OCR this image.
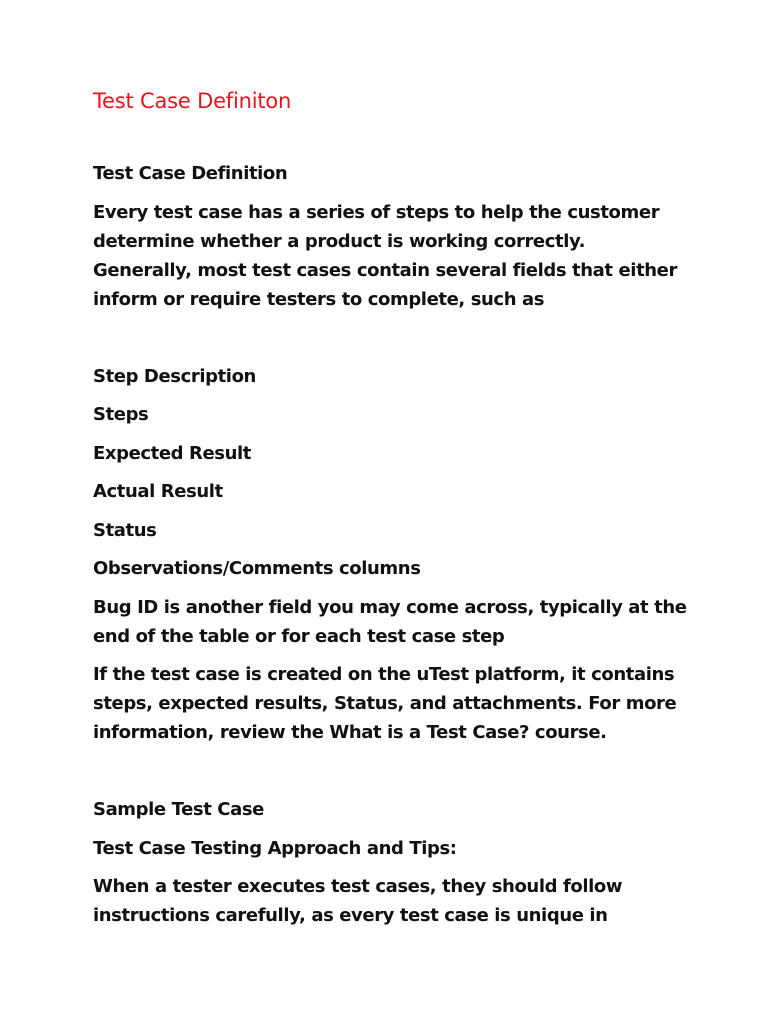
Test Case Definiton
Test Case Definition
Every test case has a series of steps to help the customer
determine whether a product is working correctly.
Generally, most test cases contain several fields that either
inform or require testers to complete, such as
Step Description
Steps
Expected Result
Actual Result
Status
Observations/Comments columns
Bug ID is another field you may come across, typically at the
end of the table or for each test case step
If the test case is created on the uTest platform, it contains
steps, expected results, Status, and attachments. For more
information, review the What is a Test Case? course.
Sample Test Case
Test Case Testing Approach and Tips:
When a tester executes test cases, they should follow
instructions carefully, as every test case is unique in
